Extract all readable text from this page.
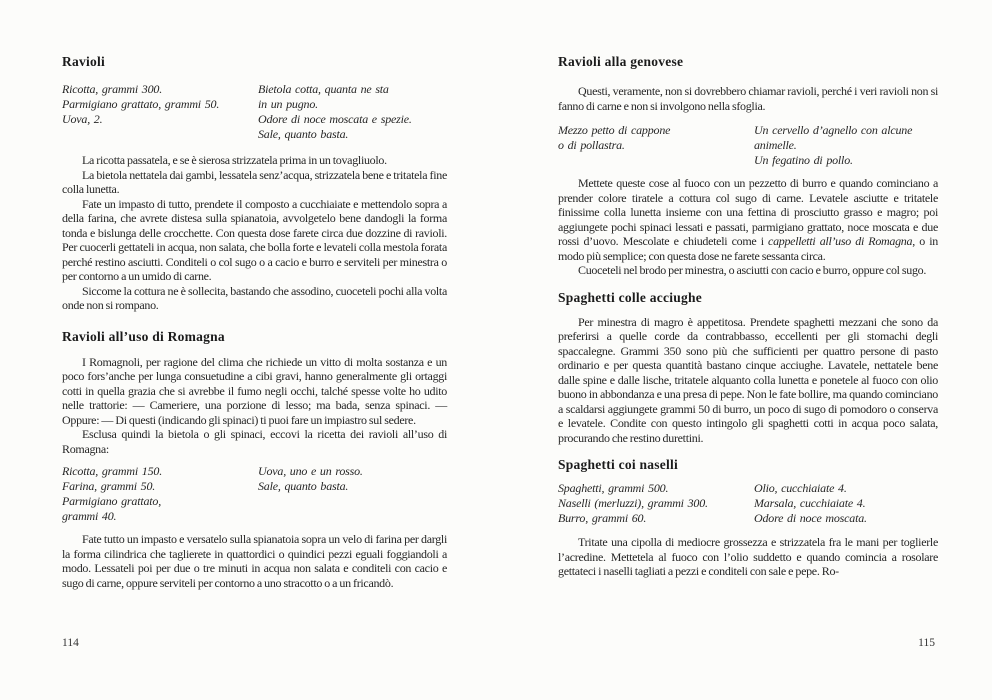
Ravioli
Ricotta, grammi 300.
Parmigiano grattato, grammi 50.
Uova, 2.
Bietola cotta, quanta ne sta
in un pugno.
Odore di noce moscata e spezie.
Sale, quanto basta.

La ricotta passatela, e se è sierosa strizzatela prima in un tovagliuolo.

La bietola nettatela dai gambi, lessatela senz’acqua, strizzatela bene e tritatela fine colla lunetta.

Fate un impasto di tutto, prendete il composto a cucchiaiate e mettendolo sopra a della farina, che avrete distesa sulla spianatoia, avvolgetelo bene dandogli la forma tonda e bislunga delle crocchette. Con questa dose farete circa due dozzine di ravioli. Per cuocerli gettateli in acqua, non salata, che bolla forte e levateli colla mestola forata perché restino asciutti. Conditeli o col sugo o a cacio e burro e serviteli per minestra o per contorno a un umido di carne.

Siccome la cottura ne è sollecita, bastando che assodino, cuoceteli pochi alla volta onde non si rompano.

Ravioli all’uso di Romagna

I Romagnoli, per ragione del clima che richiede un vitto di molta sostanza e un poco fors’anche per lunga consuetudine a cibi gravi, hanno generalmente gli ortaggi cotti in quella grazia che si avrebbe il fumo negli occhi, talché spesse volte ho udito nelle trattorie: — Cameriere, una porzione di lesso; ma bada, senza spinaci. — Oppure: — Di questi (indicando gli spinaci) ti puoi fare un impiastro sul sedere.

Esclusa quindi la bietola o gli spinaci, eccovi la ricetta dei ravioli all’uso di Romagna:

Ricotta, grammi 150.
Farina, grammi 50.
Parmigiano grattato,
grammi 40.
Uova, uno e un rosso.
Sale, quanto basta.

Fate tutto un impasto e versatelo sulla spianatoia sopra un velo di farina per dargli la forma cilindrica che taglierete in quattordici o quindici pezzi eguali foggiandoli a modo. Lessateli poi per due o tre minuti in acqua non salata e conditeli con cacio e sugo di carne, oppure serviteli per contorno a uno stracotto o a un fricandò.

Ravioli alla genovese

Questi, veramente, non si dovrebbero chiamar ravioli, perché i veri ravioli non si fanno di carne e non si involgono nella sfoglia.

Mezzo petto di cappone
o di pollastra.
Un cervello d’agnello con alcune
animelle.
Un fegatino di pollo.

Mettete queste cose al fuoco con un pezzetto di burro e quando cominciano a prender colore tiratele a cottura col sugo di carne. Levatele asciutte e tritatele finissime colla lunetta insieme con una fettina di prosciutto grasso e magro; poi aggiungete pochi spinaci lessati e passati, parmigiano grattato, noce moscata e due rossi d’uovo. Mescolate e chiudeteli come i cappelletti all’uso di Romagna, o in modo più semplice; con questa dose ne farete sessanta circa.

Cuoceteli nel brodo per minestra, o asciutti con cacio e burro, oppure col sugo.

Spaghetti colle acciughe

Per minestra di magro è appetitosa. Prendete spaghetti mezzani che sono da preferirsi a quelle corde da contrabbasso, eccellenti per gli stomachi degli spaccalegne. Grammi 350 sono più che sufficienti per quattro persone di pasto ordinario e per questa quantità bastano cinque acciughe. Lavatele, nettatele bene dalle spine e dalle lische, tritatele alquanto colla lunetta e ponetele al fuoco con olio buono in abbondanza e una presa di pepe. Non le fate bollire, ma quando cominciano a scaldarsi aggiungete grammi 50 di burro, un poco di sugo di pomodoro o conserva e levatele. Condite con questo intingolo gli spaghetti cotti in acqua poco salata, procurando che restino durettini.

Spaghetti coi naselli
Spaghetti, grammi 500.
Naselli (merluzzi), grammi 300.
Burro, grammi 60.
Olio, cucchiaiate 4.
Marsala, cucchiaiate 4.
Odore di noce moscata.

Tritate una cipolla di mediocre grossezza e strizzatela fra le mani per toglierle l’acredine. Mettetela al fuoco con l’olio suddetto e quando comincia a rosolare gettateci i naselli tagliati a pezzi e conditeli con sale e pepe. Ro-

114	115
